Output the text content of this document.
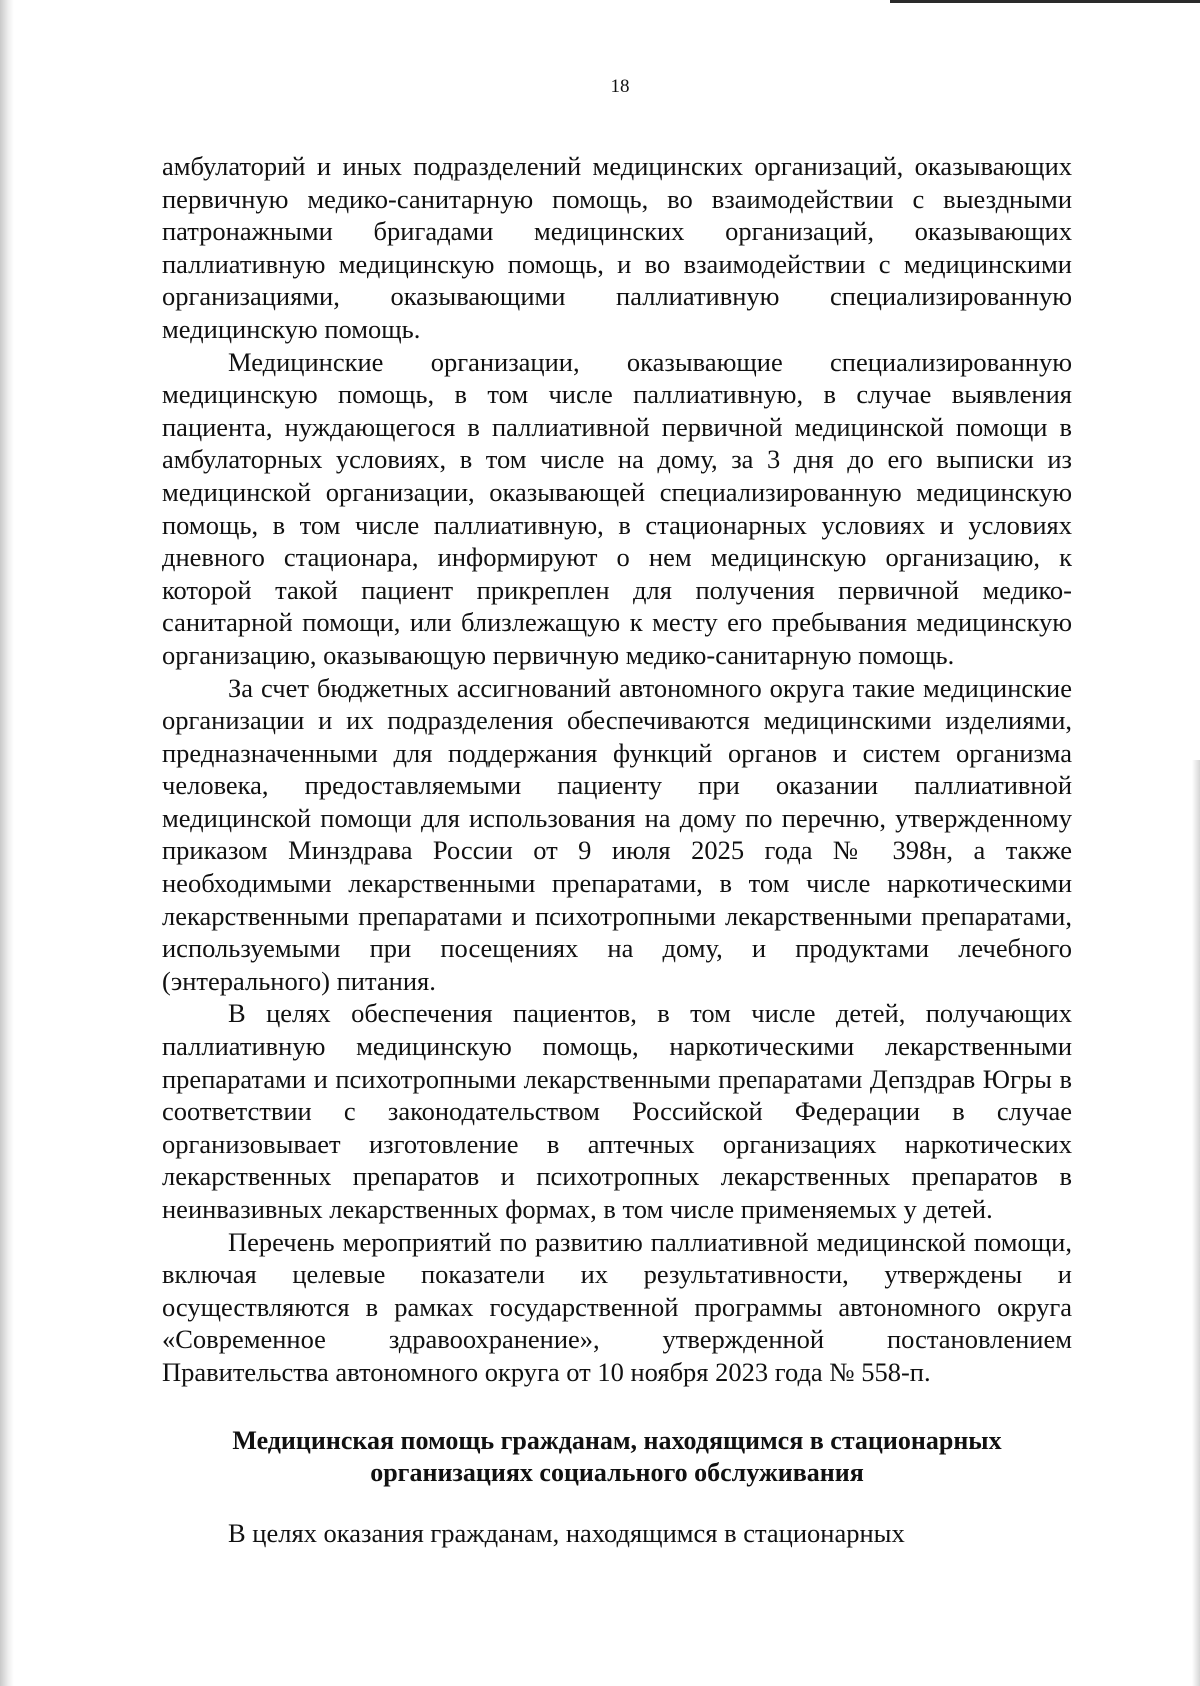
18

амбулаторий и иных подразделений медицинских организаций, оказывающих первичную медико-санитарную помощь, во взаимодействии с выездными патронажными бригадами медицинских организаций, оказывающих паллиативную медицинскую помощь, и во взаимодействии с медицинскими организациями, оказывающими паллиативную специализированную медицинскую помощь.

Медицинские организации, оказывающие специализированную медицинскую помощь, в том числе паллиативную, в случае выявления пациента, нуждающегося в паллиативной первичной медицинской помощи в амбулаторных условиях, в том числе на дому, за 3 дня до его выписки из медицинской организации, оказывающей специализированную медицинскую помощь, в том числе паллиативную, в стационарных условиях и условиях дневного стационара, информируют о нем медицинскую организацию, к которой такой пациент прикреплен для получения первичной медико-санитарной помощи, или близлежащую к месту его пребывания медицинскую организацию, оказывающую первичную медико-санитарную помощь.

За счет бюджетных ассигнований автономного округа такие медицинские организации и их подразделения обеспечиваются медицинскими изделиями, предназначенными для поддержания функций органов и систем организма человека, предоставляемыми пациенту при оказании паллиативной медицинской помощи для использования на дому по перечню, утвержденному приказом Минздрава России от 9 июля 2025 года № 398н, а также необходимыми лекарственными препаратами, в том числе наркотическими лекарственными препаратами и психотропными лекарственными препаратами, используемыми при посещениях на дому, и продуктами лечебного (энтерального) питания.

В целях обеспечения пациентов, в том числе детей, получающих паллиативную медицинскую помощь, наркотическими лекарственными препаратами и психотропными лекарственными препаратами Депздрав Югры в соответствии с законодательством Российской Федерации в случае организовывает изготовление в аптечных организациях наркотических лекарственных препаратов и психотропных лекарственных препаратов в неинвазивных лекарственных формах, в том числе применяемых у детей.

Перечень мероприятий по развитию паллиативной медицинской помощи, включая целевые показатели их результативности, утверждены и осуществляются в рамках государственной программы автономного округа «Современное здравоохранение», утвержденной постановлением Правительства автономного округа от 10 ноября 2023 года № 558-п.

Медицинская помощь гражданам, находящимся в стационарных
организациях социального обслуживания

В целях оказания гражданам, находящимся в стационарных
